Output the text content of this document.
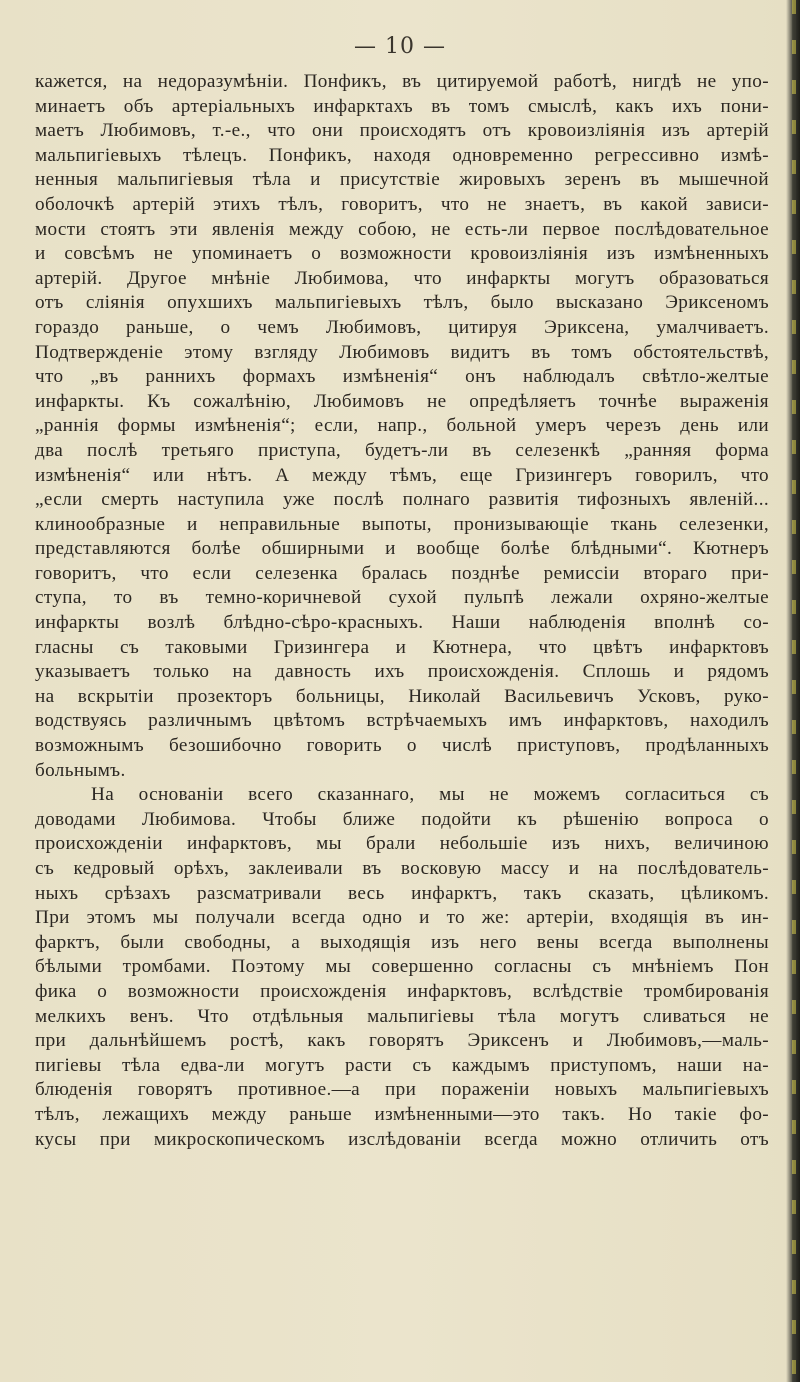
— 10 —
кажется, на недоразумѣніи. Понфикъ, въ цитируемой работѣ, нигдѣ не упо-
минаетъ объ артеріальныхъ инфарктахъ въ томъ смыслѣ, какъ ихъ пони-
маетъ Любимовъ, т.-е., что они происходятъ отъ кровоизліянія изъ артерій
мальпигіевыхъ тѣлецъ. Понфикъ, находя одновременно регрессивно измѣ-
ненныя мальпигіевыя тѣла и присутствіе жировыхъ зеренъ въ мышечной
оболочкѣ артерій этихъ тѣлъ, говоритъ, что не знаетъ, въ какой зависи-
мости стоятъ эти явленія между собою, не есть-ли первое послѣдовательное
и совсѣмъ не упоминаетъ о возможности кровоизліянія изъ измѣненныхъ
артерій. Другое мнѣніе Любимова, что инфаркты могутъ образоваться
отъ сліянія опухшихъ мальпигіевыхъ тѣлъ, было высказано Эриксеномъ
гораздо раньше, о чемъ Любимовъ, цитируя Эриксена, умалчиваетъ.
Подтвержденіе этому взгляду Любимовъ видитъ въ томъ обстоятельствѣ,
что „въ раннихъ формахъ измѣненія“ онъ наблюдалъ свѣтло-желтые
инфаркты. Къ сожалѣнію, Любимовъ не опредѣляетъ точнѣе выраженія
„раннія формы измѣненія“; если, напр., больной умеръ черезъ день или
два послѣ третьяго приступа, будетъ-ли въ селезенкѣ „ранняя форма
измѣненія“ или нѣтъ. А между тѣмъ, еще Гризингеръ говорилъ, что
„если смерть наступила уже послѣ полнаго развитія тифозныхъ явленій...
клинообразные и неправильные выпоты, пронизывающіе ткань селезенки,
представляются болѣе обширными и вообще болѣе блѣдными“. Кютнеръ
говоритъ, что если селезенка бралась позднѣе ремиссіи втораго при-
ступа, то въ темно-коричневой сухой пульпѣ лежали охряно-желтые
инфаркты возлѣ блѣдно-сѣро-красныхъ. Наши наблюденія вполнѣ со-
гласны съ таковыми Гризингера и Кютнера, что цвѣтъ инфарктовъ
указываетъ только на давность ихъ происхожденія. Сплошь и рядомъ
на вскрытіи прозекторъ больницы, Николай Васильевичъ Усковъ, руко-
водствуясь различнымъ цвѣтомъ встрѣчаемыхъ имъ инфарктовъ, находилъ
возможнымъ безошибочно говорить о числѣ приступовъ, продѣланныхъ
больнымъ.
На основаніи всего сказаннаго, мы не можемъ согласиться съ
доводами Любимова. Чтобы ближе подойти къ рѣшенію вопроса о
происхожденіи инфарктовъ, мы брали небольшіе изъ нихъ, величиною
съ кедровый орѣхъ, заклеивали въ восковую массу и на послѣдователь-
ныхъ срѣзахъ разсматривали весь инфарктъ, такъ сказать, цѣликомъ.
При этомъ мы получали всегда одно и то же: артеріи, входящія въ ин-
фарктъ, были свободны, а выходящія изъ него вены всегда выполнены
бѣлыми тромбами. Поэтому мы совершенно согласны съ мнѣніемъ Пон
фика о возможности происхожденія инфарктовъ, вслѣдствіе тромбированія
мелкихъ венъ. Что отдѣльныя мальпигіевы тѣла могутъ сливаться не
при дальнѣйшемъ ростѣ, какъ говорятъ Эриксенъ и Любимовъ,—маль-
пигіевы тѣла едва-ли могутъ расти съ каждымъ приступомъ, наши на-
блюденія говорятъ противное.—а при пораженіи новыхъ мальпигіевыхъ
тѣлъ, лежащихъ между раньше измѣненными—это такъ. Но такіе фо-
кусы при микроскопическомъ изслѣдованіи всегда можно отличить отъ
